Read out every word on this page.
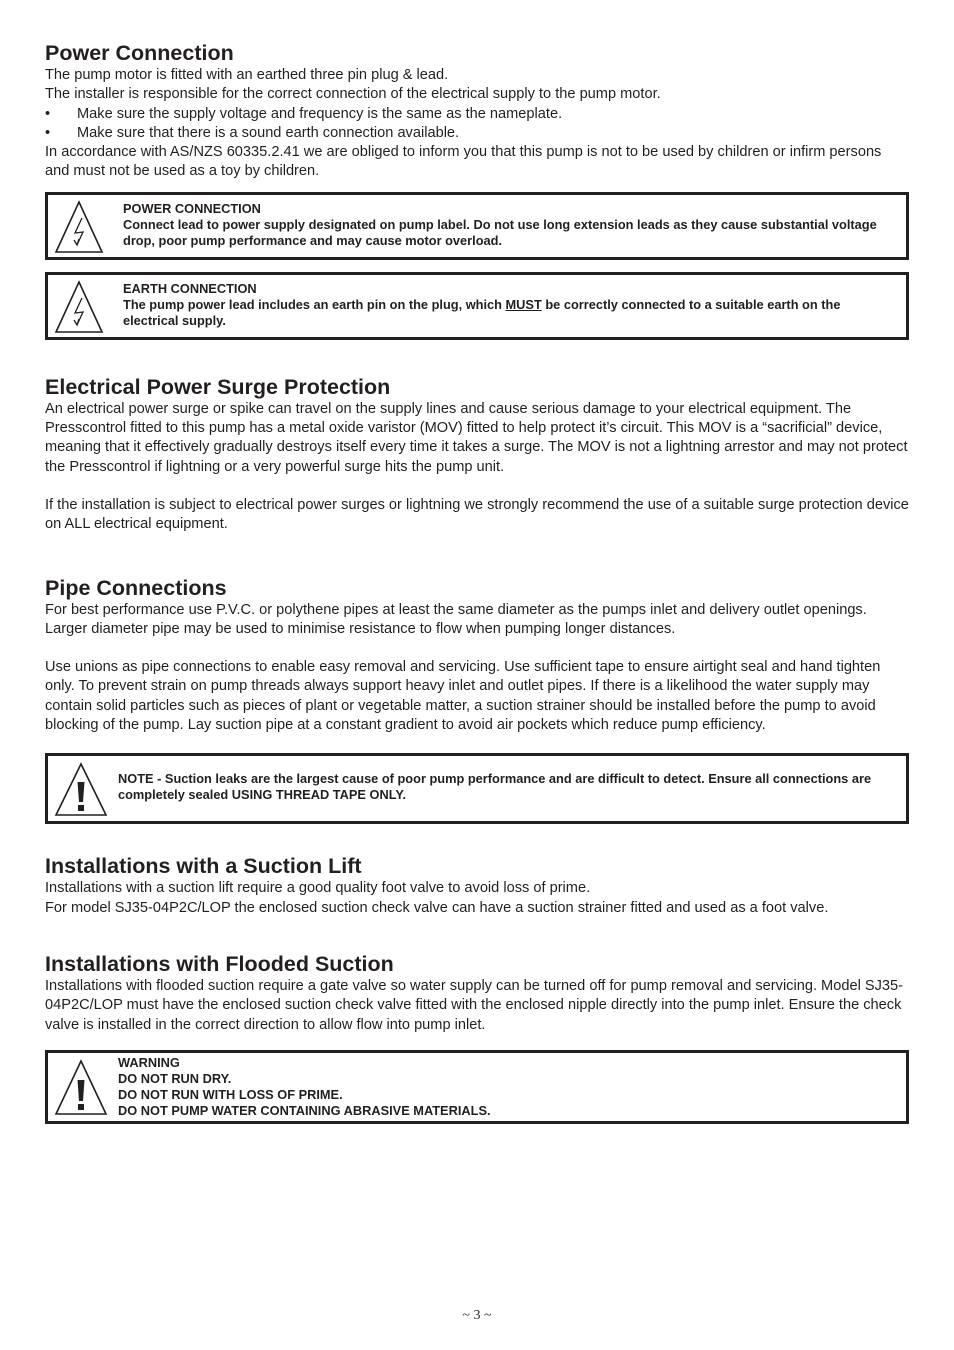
Power Connection

The pump motor is fitted with an earthed three pin plug & lead.

The installer is responsible for the correct connection of the electrical supply to the pump motor.

• Make sure the supply voltage and frequency is the same as the nameplate.

• Make sure that there is a sound earth connection available.

In accordance with AS/NZS 60335.2.41 we are obliged to inform you that this pump is not to be used by children or infirm persons and must not be used as a toy by children.

POWER CONNECTION
Connect lead to power supply designated on pump label. Do not use long extension leads as they cause substantial voltage drop, poor pump performance and may cause motor overload.
EARTH CONNECTION
The pump power lead includes an earth pin on the plug, which MUST be correctly connected to a suitable earth on the electrical supply.
Electrical Power Surge Protection

An electrical power surge or spike can travel on the supply lines and cause serious damage to your electrical equipment. The Presscontrol fitted to this pump has a metal oxide varistor (MOV) fitted to help protect it’s circuit. This MOV is a “sacrificial” device, meaning that it effectively gradually destroys itself every time it takes a surge. The MOV is not a lightning arrestor and may not protect the Presscontrol if lightning or a very powerful surge hits the pump unit.

If the installation is subject to electrical power surges or lightning we strongly recommend the use of a suitable surge protection device on ALL electrical equipment.

Pipe Connections

For best performance use P.V.C. or polythene pipes at least the same diameter as the pumps inlet and delivery outlet openings. Larger diameter pipe may be used to minimise resistance to flow when pumping longer distances.

Use unions as pipe connections to enable easy removal and servicing. Use sufficient tape to ensure airtight seal and hand tighten only. To prevent strain on pump threads always support heavy inlet and outlet pipes. If there is a likelihood the water supply may contain solid particles such as pieces of plant or vegetable matter, a suction strainer should be installed before the pump to avoid blocking of the pump. Lay suction pipe at a constant gradient to avoid air pockets which reduce pump efficiency.

NOTE - Suction leaks are the largest cause of poor pump performance and are difficult to detect. Ensure all connections are completely sealed USING THREAD TAPE ONLY.
Installations with a Suction Lift

Installations with a suction lift require a good quality foot valve to avoid loss of prime.

For model SJ35-04P2C/LOP the enclosed suction check valve can have a suction strainer fitted and used as a foot valve.

Installations with Flooded Suction

Installations with flooded suction require a gate valve so water supply can be turned off for pump removal and servicing. Model SJ35-04P2C/LOP must have the enclosed suction check valve fitted with the enclosed nipple directly into the pump inlet. Ensure the check valve is installed in the correct direction to allow flow into pump inlet.

WARNING
DO NOT RUN DRY.
DO NOT RUN WITH LOSS OF PRIME.
DO NOT PUMP WATER CONTAINING ABRASIVE MATERIALS.
~ 3 ~
